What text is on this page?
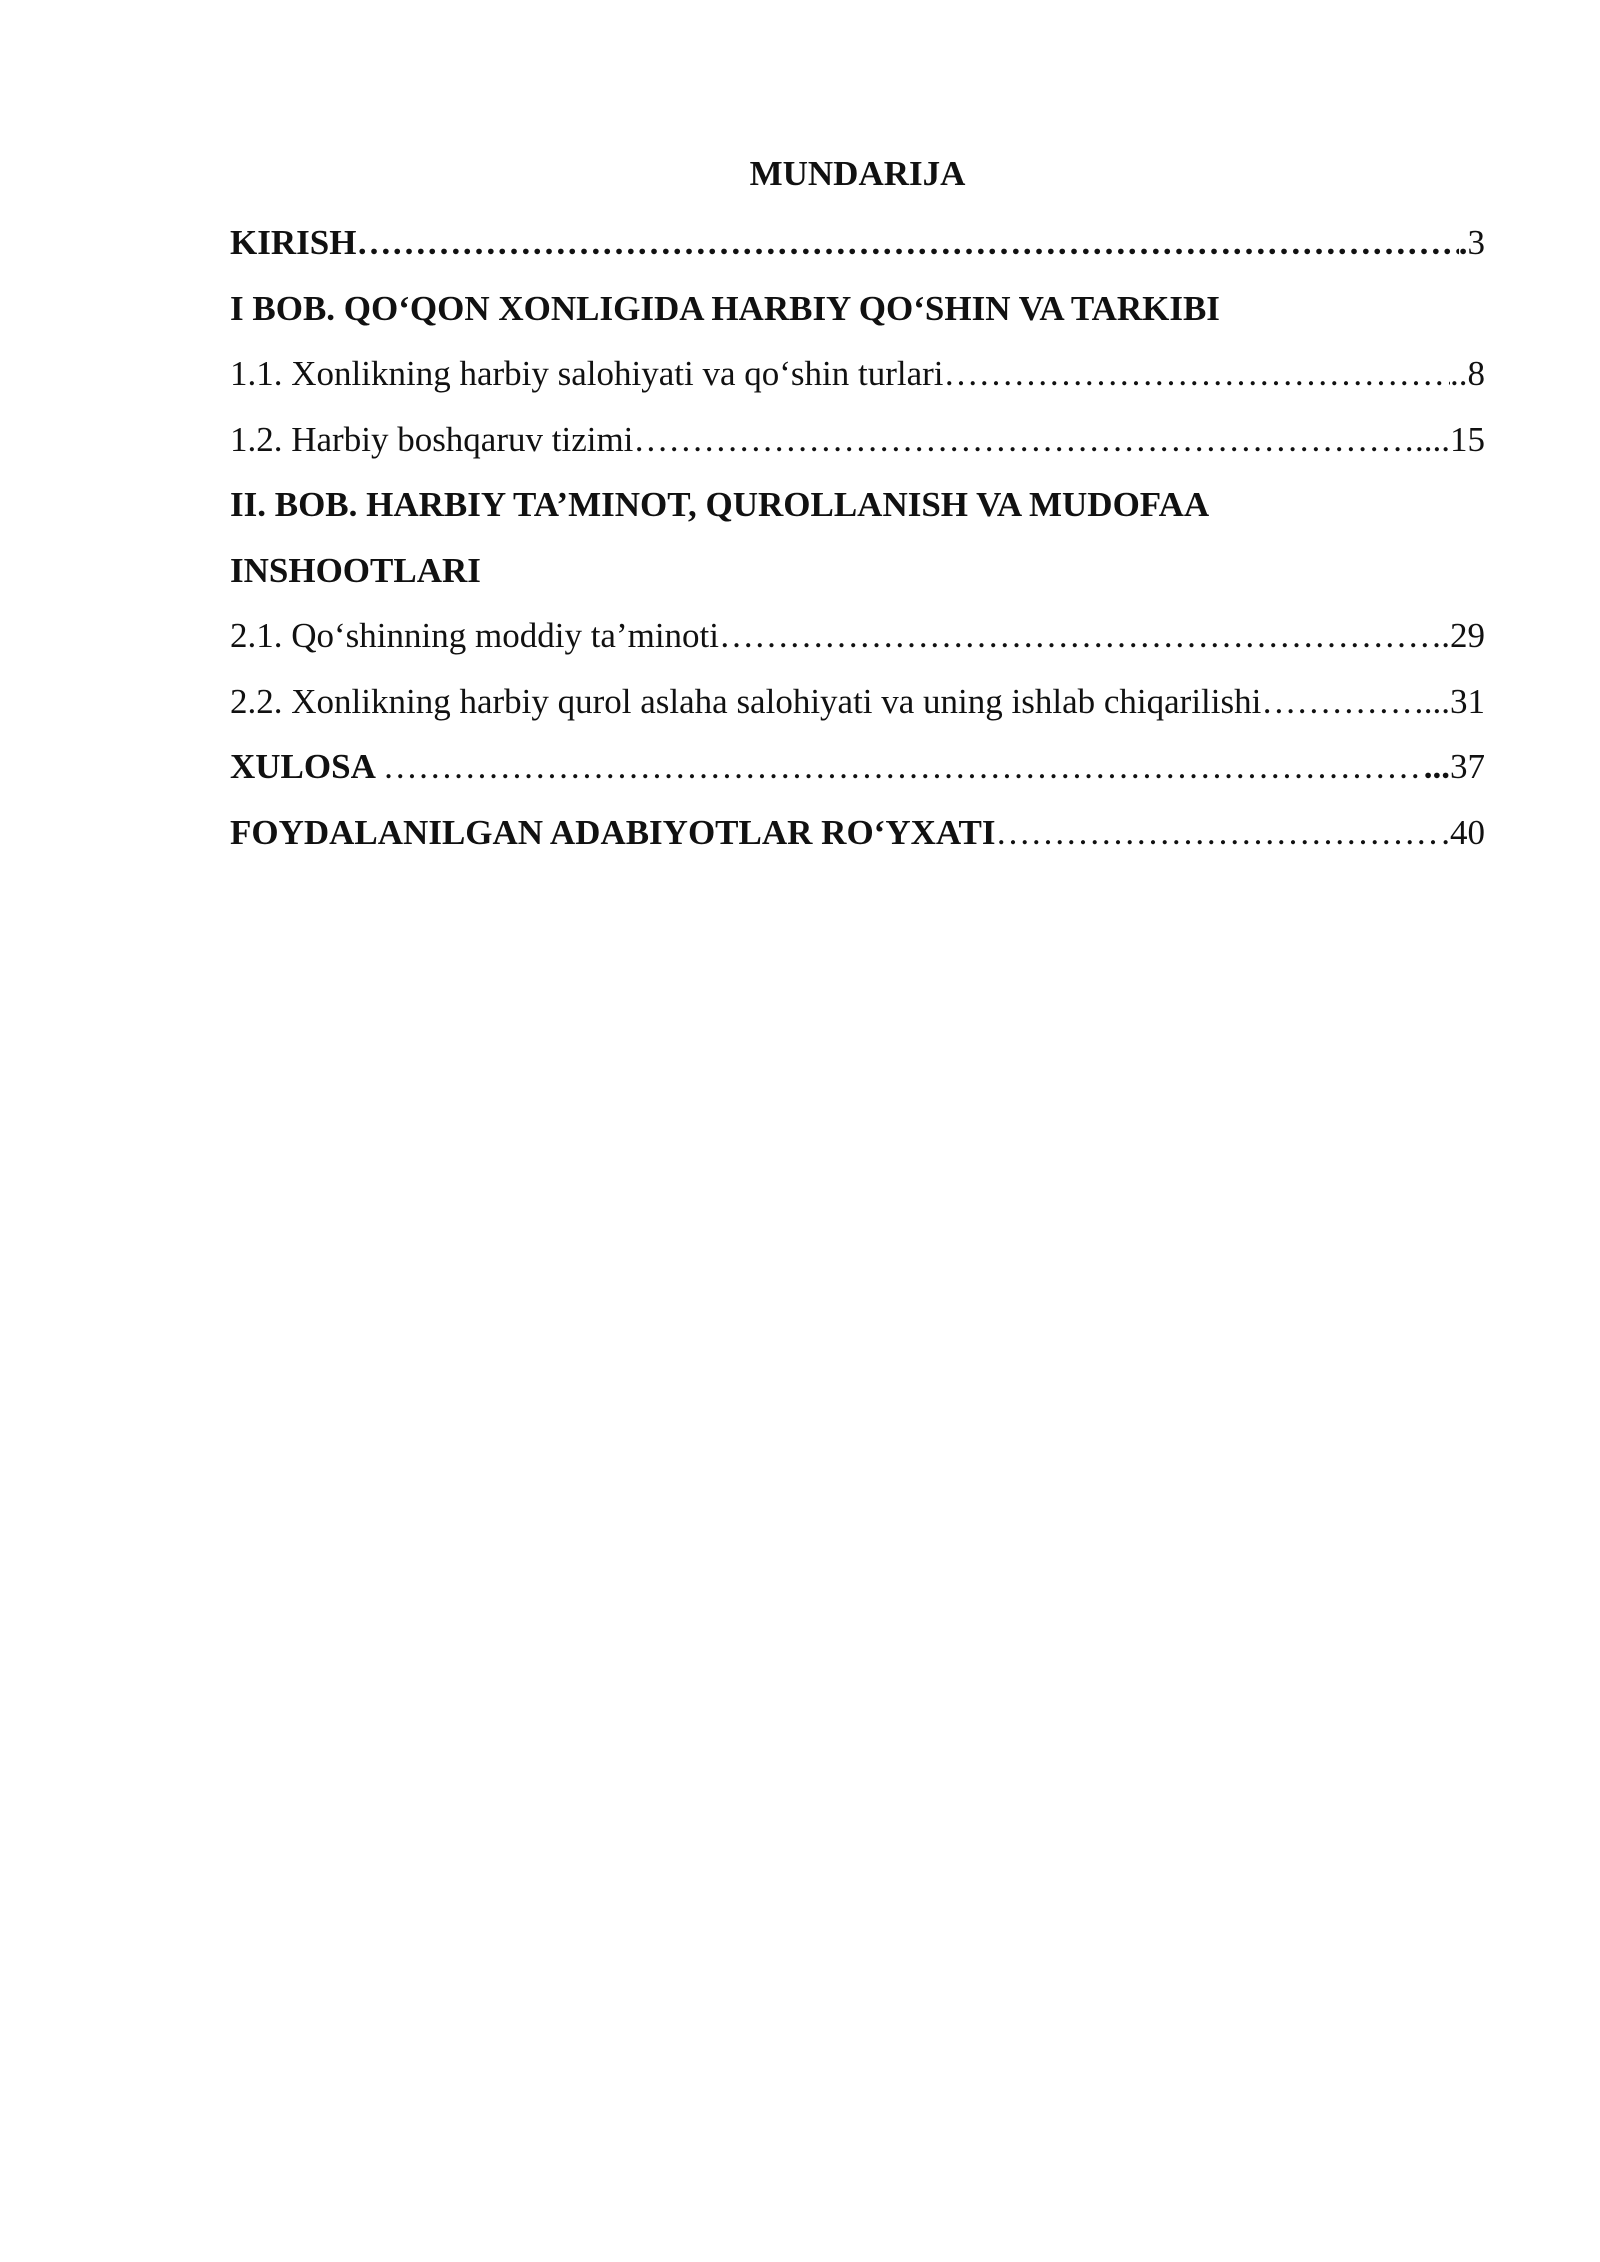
MUNDARIJA
KIRISH …………………………………………………………………………………………………………………………………………………………………………	. 3
I BOB. QO‘QON XONLIGIDA HARBIY QO‘SHIN VA TARKIBI
1.1. Xonlikning harbiy salohiyati va qo‘shin turlari …………………………………………………………………………………………………………………………………………………………………………	.. 8
1.2. Harbiy boshqaruv tizimi …………………………………………………………………………………………………………………………………………………………………………	.... 15
II. BOB. HARBIY TA’MINOT, QUROLLANISH VA MUDOFAA
INSHOOTLARI
2.1. Qo‘shinning moddiy ta’minoti …………………………………………………………………………………………………………………………………………………………………………	. 29
2.2. Xonlikning harbiy qurol aslaha salohiyati va uning ishlab chiqarilishi …………………………………………………………………………………………………………………………………………………………………………	... 31
XULOSA …………………………………………………………………………………………………………………………………………………………………………	... 37
FOYDALANILGAN ADABIYOTLAR RO‘YXATI …………………………………………………………………………………………………………………………………………………………………………	. 40
